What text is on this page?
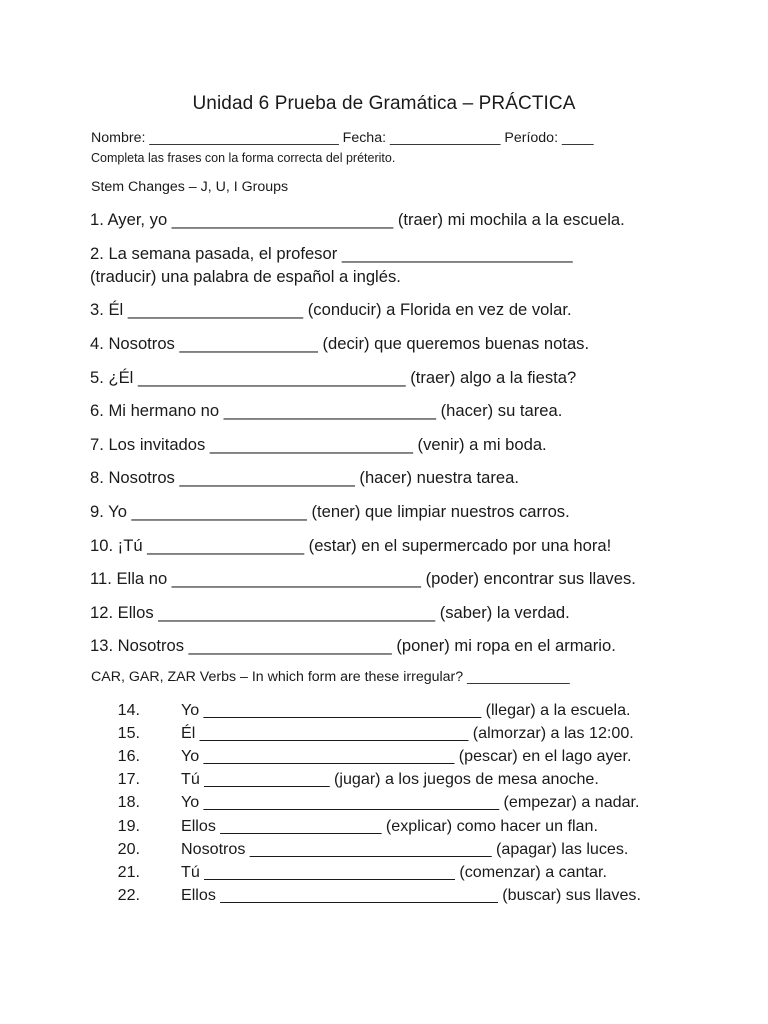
Unidad 6 Prueba de Gramática – PRÁCTICA
Nombre: ________________________ Fecha: ______________ Período: ____
Completa las frases con la forma correcta del préterito.
Stem Changes – J, U, I Groups
1. Ayer, yo ________________________ (traer) mi mochila a la escuela.
2. La semana pasada, el profesor _________________________
(traducir) una palabra de español a inglés.
3. Él ___________________ (conducir) a Florida en vez de volar.
4. Nosotros _______________ (decir) que queremos buenas notas.
5. ¿Él _____________________________ (traer) algo a la fiesta?
6. Mi hermano no _______________________ (hacer) su tarea.
7. Los invitados ______________________ (venir) a mi boda.
8. Nosotros ___________________ (hacer) nuestra tarea.
9. Yo ___________________ (tener) que limpiar nuestros carros.
10. ¡Tú _________________ (estar) en el supermercado por una hora!
11. Ella no ___________________________ (poder) encontrar sus llaves.
12. Ellos ______________________________ (saber) la verdad.
13. Nosotros ______________________ (poner) mi ropa en el armario.
CAR, GAR, ZAR Verbs – In which form are these irregular? _____________
14.	Yo _______________________________ (llegar) a la escuela.
15.	Él ______________________________ (almorzar) a las 12:00.
16.	Yo ____________________________ (pescar) en el lago ayer.
17.	Tú ______________ (jugar) a los juegos de mesa anoche.
18.	Yo _________________________________ (empezar) a nadar.
19.	Ellos __________________ (explicar) como hacer un flan.
20.	Nosotros ___________________________ (apagar) las luces.
21.	Tú ____________________________ (comenzar) a cantar.
22.	Ellos _______________________________ (buscar) sus llaves.
